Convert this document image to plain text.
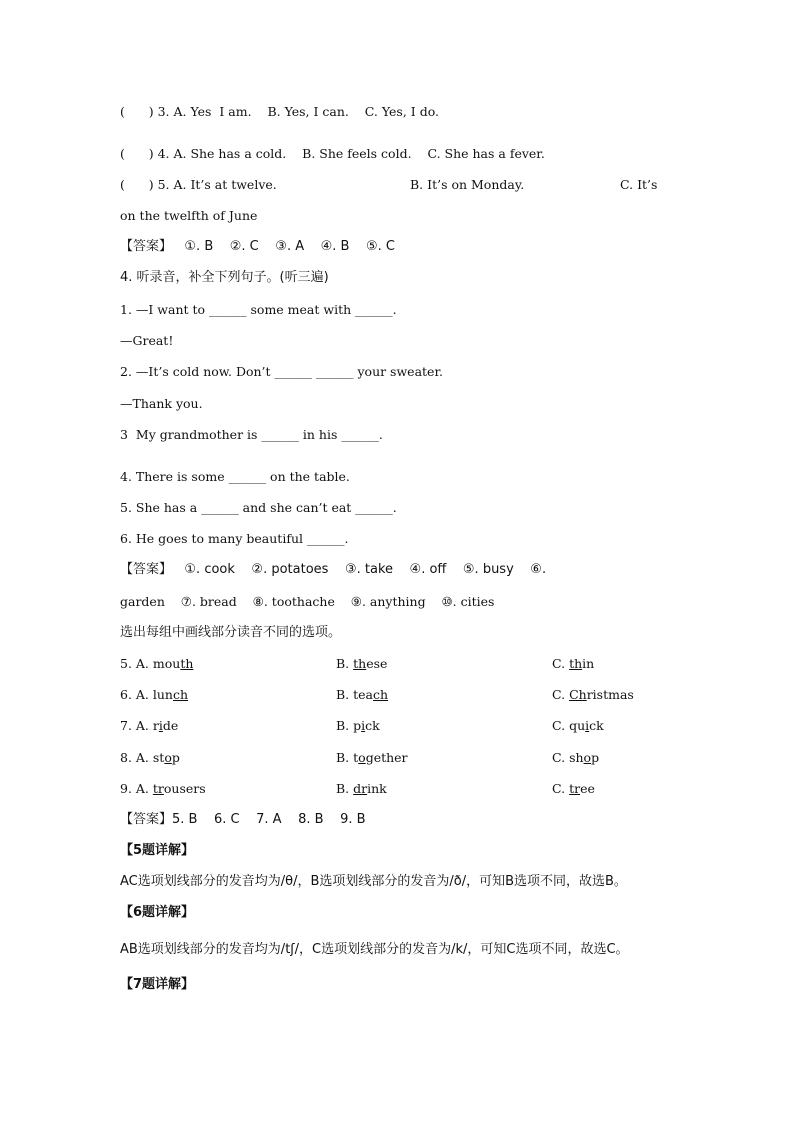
(      ) 3. A. Yes  I am.    B. Yes, I can.    C. Yes, I do.
(      ) 4. A. She has a cold.    B. She feels cold.    C. She has a fever.
(      ) 5. A. It’s at twelve.	B. It’s on Monday.	C. It’s
on the twelfth of June
【答案】   ①. B    ②. C    ③. A    ④. B    ⑤. C
4. 听录音，补全下列句子。(听三遍)
1. —I want to ______ some meat with ______.
—Great!
2. —It’s cold now. Don’t ______ ______ your sweater.
—Thank you.
3  My grandmother is ______ in his ______.
4. There is some ______ on the table.
5. She has a ______ and she can’t eat ______.
6. He goes to many beautiful ______.
【答案】   ①. cook    ②. potatoes    ③. take    ④. off    ⑤. busy    ⑥.
garden    ⑦. bread    ⑧. toothache    ⑨. anything    ⑩. cities
选出每组中画线部分读音不同的选项。
5. A. mouth	B. these	C. thin
6. A. lunch	B. teach	C. Christmas
7. A. ride	B. pick	C. quick
8. A. stop	B. together	C. shop
9. A. trousers	B. drink	C. tree
【答案】5. B    6. C    7. A    8. B    9. B
【5题详解】
AC选项划线部分的发音均为/θ/，B选项划线部分的发音为/ð/，可知B选项不同，故选B。
【6题详解】
AB选项划线部分的发音均为/tʃ/，C选项划线部分的发音为/k/，可知C选项不同，故选C。
【7题详解】
